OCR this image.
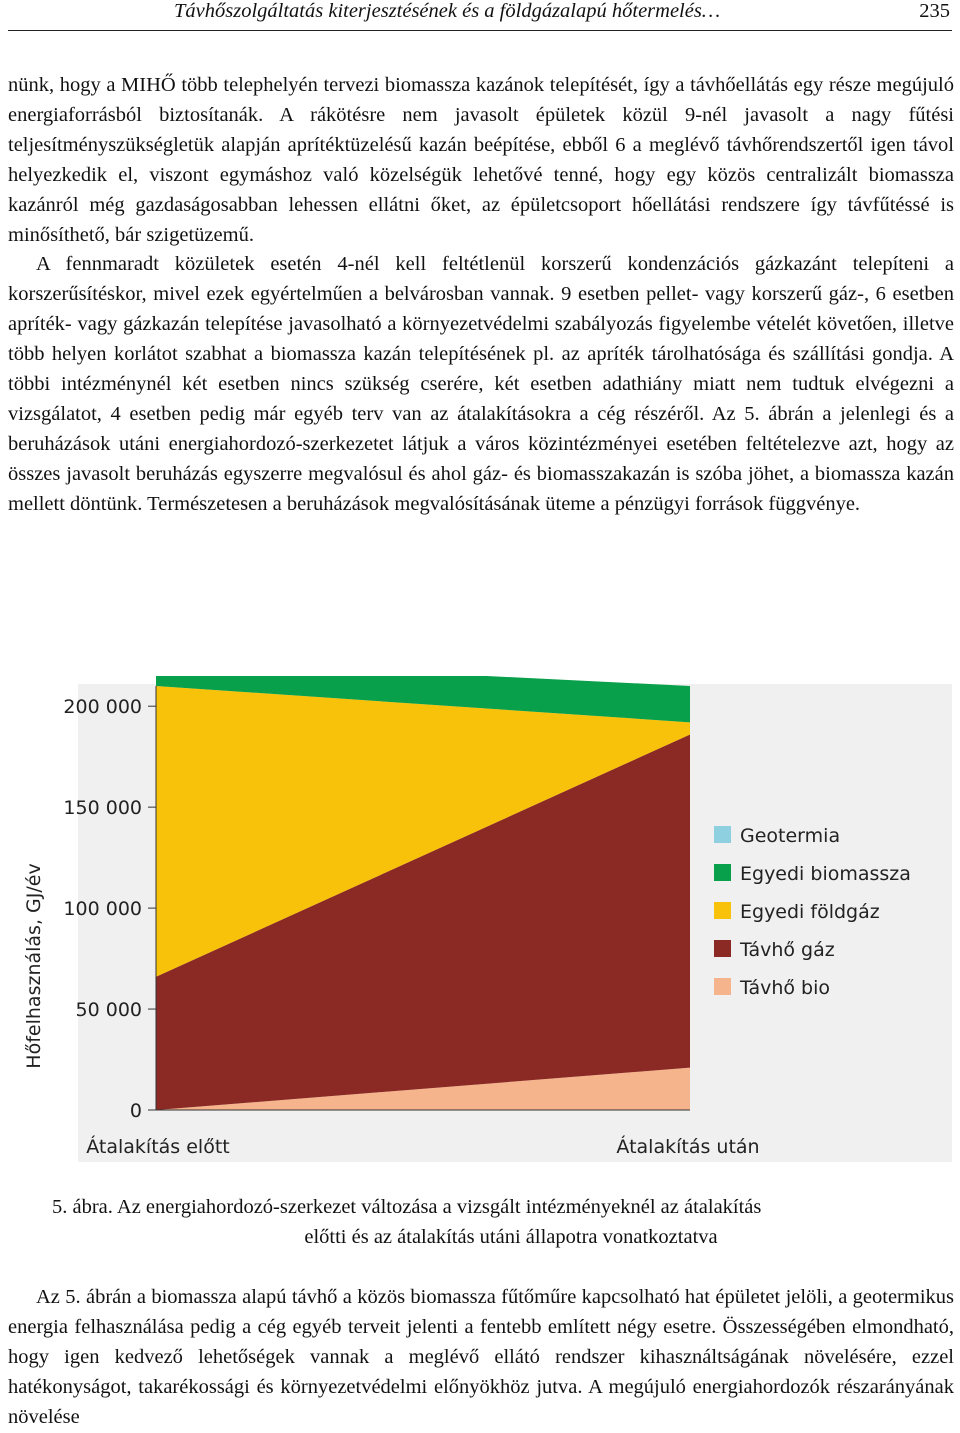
Távhőszolgáltatás kiterjesztésének és a földgázalapú hőtermelés…	235
nünk, hogy a MIHŐ több telephelyén tervezi biomassza kazánok telepítését, így a távhőellátás egy része megújuló energiaforrásból biztosítanák. A rákötésre nem javasolt épületek közül 9-nél javasolt a nagy fűtési teljesítményszükségletük alapján aprítéktüzelésű kazán beépítése, ebből 6 a meglévő távhőrendszertől igen távol helyezkedik el, viszont egymáshoz való közelségük lehetővé tenné, hogy egy közös centralizált biomassza kazánról még gazdaságosabban lehessen ellátni őket, az épületcsoport hőellátási rendszere így távfűtéssé is minősíthető, bár szigetüzemű.
A fennmaradt közületek esetén 4-nél kell feltétlenül korszerű kondenzációs gázkazánt telepíteni a korszerűsítéskor, mivel ezek egyértelműen a belvárosban vannak. 9 esetben pellet- vagy korszerű gáz-, 6 esetben apríték- vagy gázkazán telepítése javasolható a környezetvédelmi szabályozás figyelembe vételét követően, illetve több helyen korlátot szabhat a biomassza kazán telepítésének pl. az apríték tárolhatósága és szállítási gondja. A többi intézménynél két esetben nincs szükség cserére, két esetben adathiány miatt nem tudtuk elvégezni a vizsgálatot, 4 esetben pedig már egyéb terv van az átalakításokra a cég részéről. Az 5. ábrán a jelenlegi és a beruházások utáni energiahordozó-szerkezetet látjuk a város közintézményei esetében feltételezve azt, hogy az összes javasolt beruházás egyszerre megvalósul és ahol gáz- és biomasszakazán is szóba jöhet, a biomassza kazán mellett döntünk. Természetesen a beruházások megvalósításának üteme a pénzügyi források függvénye.
0
50 000
100 000
150 000
200 000
Átalakítás előtt	Átalakítás után
Geotermia
Egyedi biomassza
Egyedi földgáz
Távhő gáz
Távhő bio
Hőfelhasználás, GJ/év
5. ábra. Az energiahordozó-szerkezet változása a vizsgált intézményeknél az átalakítás
előtti és az átalakítás utáni állapotra vonatkoztatva
Az 5. ábrán a biomassza alapú távhő a közös biomassza fűtőműre kapcsolható hat épületet jelöli, a geotermikus energia felhasználása pedig a cég egyéb terveit jelenti a fentebb említett négy esetre. Összességében elmondható, hogy igen kedvező lehetőségek vannak a meglévő ellátó rendszer kihasználtságának növelésére, ezzel hatékonyságot, takarékossági és környezetvédelmi előnyökhöz jutva. A megújuló energiahordozók részarányának növelése
